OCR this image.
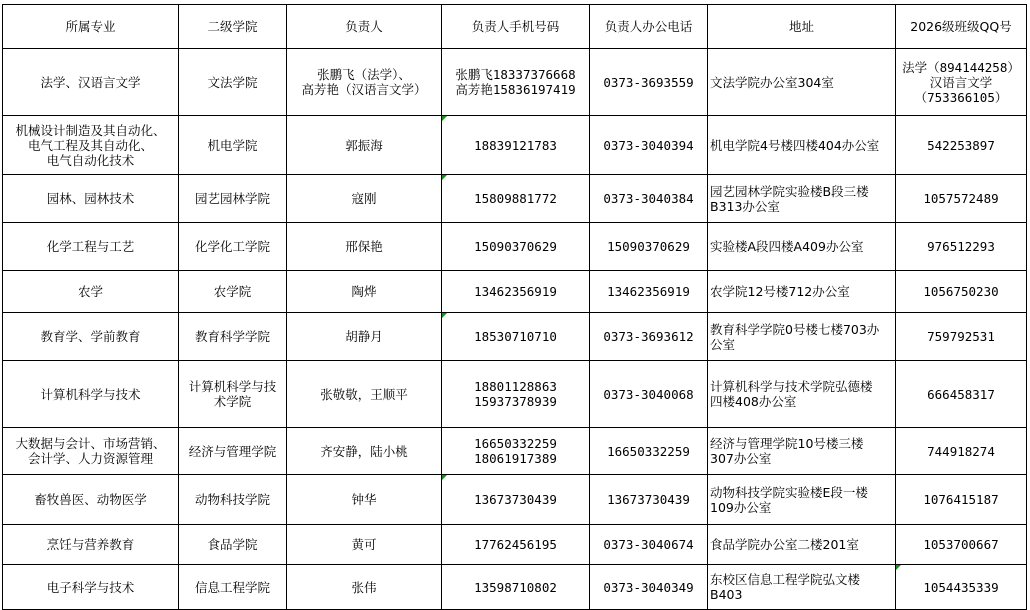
所属专业	二级学院	负责人	负责人手机号码	负责人办公电话	地址	2026级班级QQ号

法学、汉语言文学	文法学院	张鹏飞（法学）、
高芳艳（汉语言文学）	张鹏飞18337376668
高芳艳15836197419	0373-3693559	文法学院办公室304室	法学（894144258）
汉语言文学
（753366105）

机械设计制造及其自动化、
电气工程及其自动化、
电气自动化技术	机电学院	郭振海	18839121783	0373-3040394	机电学院4号楼四楼404办公室	542253897

园林、园林技术	园艺园林学院	寇刚	15809881772	0373-3040384	园艺园林学院实验楼B段三楼
B313办公室	1057572489

化学工程与工艺	化学化工学院	邢保艳	15090370629	15090370629	实验楼A段四楼A409办公室	976512293

农学	农学院	陶烨	13462356919	13462356919	农学院12号楼712办公室	1056750230

教育学、学前教育	教育科学学院	胡静月	18530710710	0373-3693612	教育科学学院0号楼七楼703办
公室	759792531

计算机科学与技术	计算机科学与技
术学院	张敬敬，王顺平	18801128863
15937378939	0373-3040068	计算机科学与技术学院弘德楼
四楼408办公室	666458317

大数据与会计、市场营销、
会计学、人力资源管理	经济与管理学院	齐安静，陆小桃	16650332259
18061917389	16650332259	经济与管理学院10号楼三楼
307办公室	744918274

畜牧兽医、动物医学	动物科技学院	钟华	13673730439	13673730439	动物科技学院实验楼E段一楼
109办公室	1076415187

烹饪与营养教育	食品学院	黄可	17762456195	0373-3040674	食品学院办公室二楼201室	1053700667

电子科学与技术	信息工程学院	张伟	13598710802	0373-3040349	东校区信息工程学院弘文楼
B403	1054435339
